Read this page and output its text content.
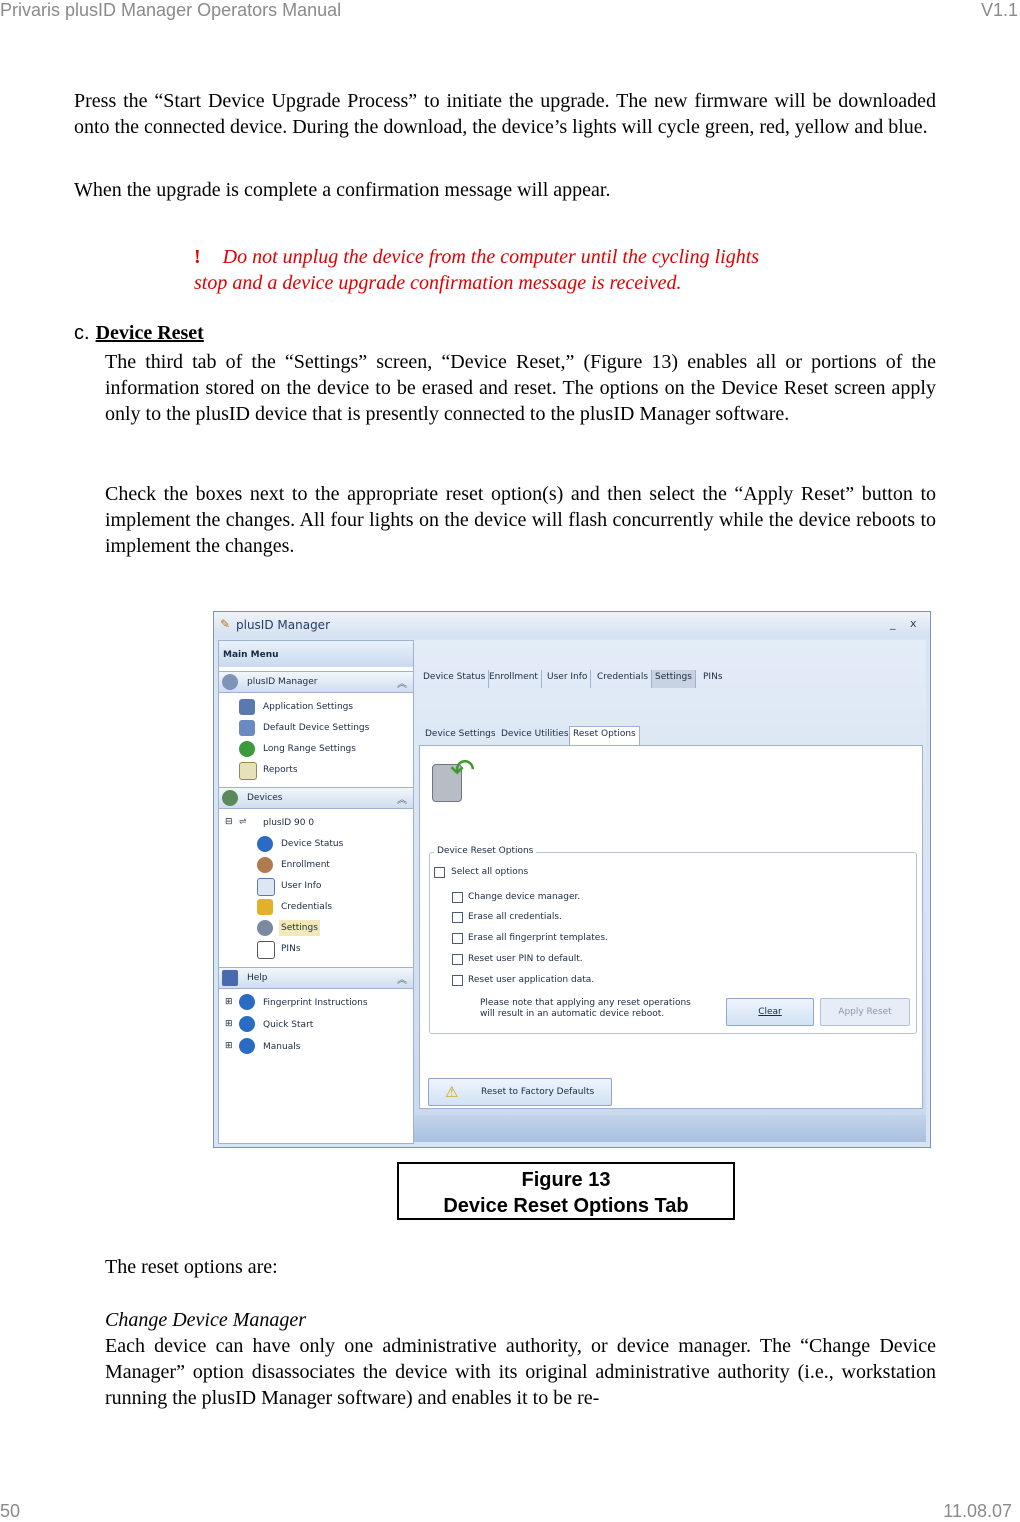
Privaris plusID Manager Operators Manual	V1.1
50	11.08.07

Press the “Start Device Upgrade Process” to initiate the upgrade. The new firmware will be downloaded onto the connected device. During the download, the device’s lights will cycle green, red, yellow and blue.

When the upgrade is complete a confirmation message will appear.

! Do not unplug the device from the computer until the cycling lights
stop and a device upgrade confirmation message is received.
c. Device Reset

The third tab of the “Settings” screen, “Device Reset,” (Figure 13) enables all or portions of the information stored on the device to be erased and reset. The options on the Device Reset screen apply only to the plusID device that is presently connected to the plusID Manager software.

Check the boxes next to the appropriate reset option(s) and then select the “Apply Reset” button to implement the changes. All four lights on the device will flash concurrently while the device reboots to implement the changes.

✎ plusID Manager	_ x
Main Menu
plusID Manager	︽
Application Settings
Default Device Settings
Long Range Settings
Reports
Devices	︽
⊟ ⇌ plusID 90 0
Device Status
Enrollment
User Info
Credentials
Settings
PINs
Help	︽
⊞	Fingerprint Instructions
⊞	Quick Start
⊞	Manuals
Device Status Enrollment	User Info	Credentials Settings	PINs
Device Settings Device Utilities Reset Options
↶
Device Reset Options
Select all options
Change device manager.
Erase all credentials.
Erase all fingerprint templates.
Reset user PIN to default.
Reset user application data.
Please note that applying any reset operations
will result in an automatic device reboot.	Clear	Apply Reset
⚠	Reset to Factory Defaults
Figure 13
Device Reset Options Tab

The reset options are:

Change Device Manager

Each device can have only one administrative authority, or device manager. The “Change Device Manager” option disassociates the device with its original administrative authority (i.e., workstation running the plusID Manager software) and enables it to be re-
